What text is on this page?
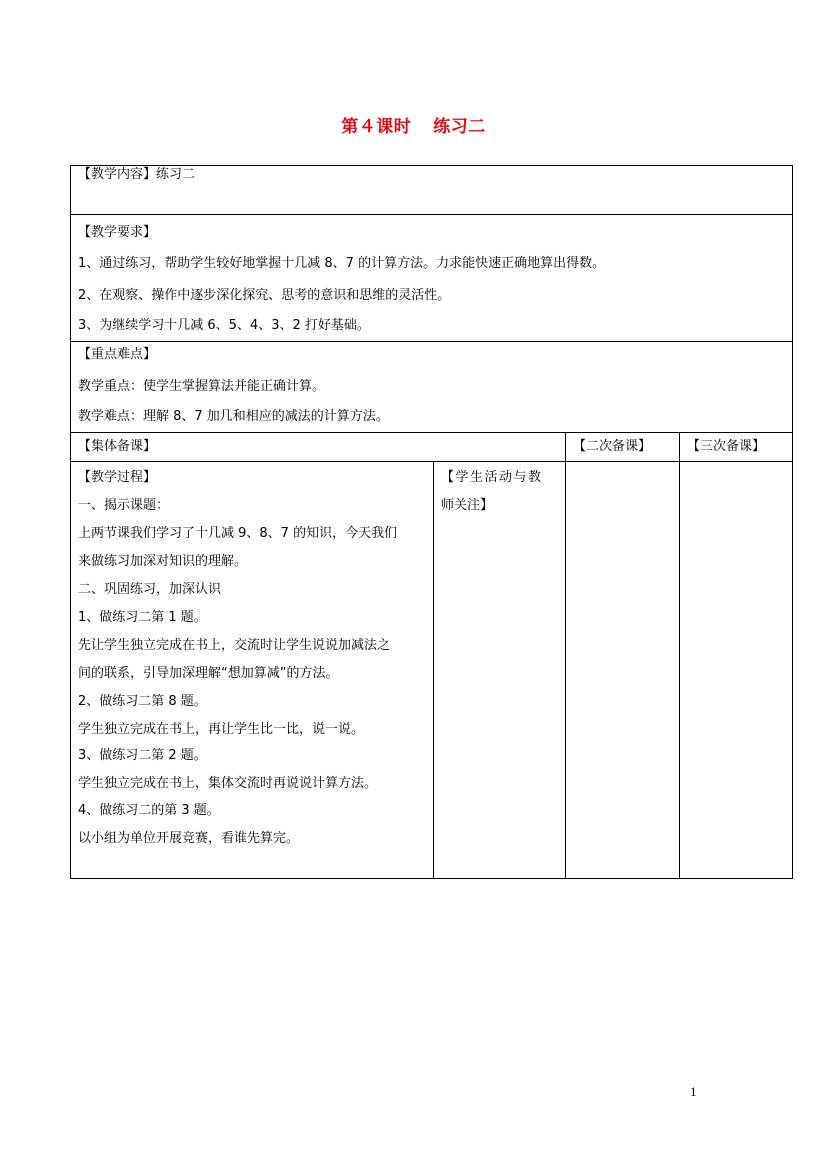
第４课时 练习二
【教学内容】练习二
【教学要求】
1、通过练习，帮助学生较好地掌握十几减 8、7 的计算方法。力求能快速正确地算出得数。
2、在观察、操作中逐步深化探究、思考的意识和思维的灵活性。
3、为继续学习十几减 6、5、4、3、2 打好基础。
【重点难点】
教学重点：使学生掌握算法并能正确计算。
教学难点：理解 8、7 加几和相应的减法的计算方法。
【集体备课】	【二次备课】	【三次备课】
【教学过程】
一、揭示课题：
上两节课我们学习了十几减 9、8、7 的知识，今天我们
来做练习加深对知识的理解。
二、巩固练习，加深认识
1、做练习二第 1 题。
先让学生独立完成在书上，交流时让学生说说加减法之
间的联系，引导加深理解“想加算减”的方法。
2、做练习二第 8 题。
学生独立完成在书上，再让学生比一比，说一说。
3、做练习二第 2 题。
学生独立完成在书上，集体交流时再说说计算方法。
4、做练习二的第 3 题。
以小组为单位开展竞赛，看谁先算完。
【学生活动与教
师关注】
1
